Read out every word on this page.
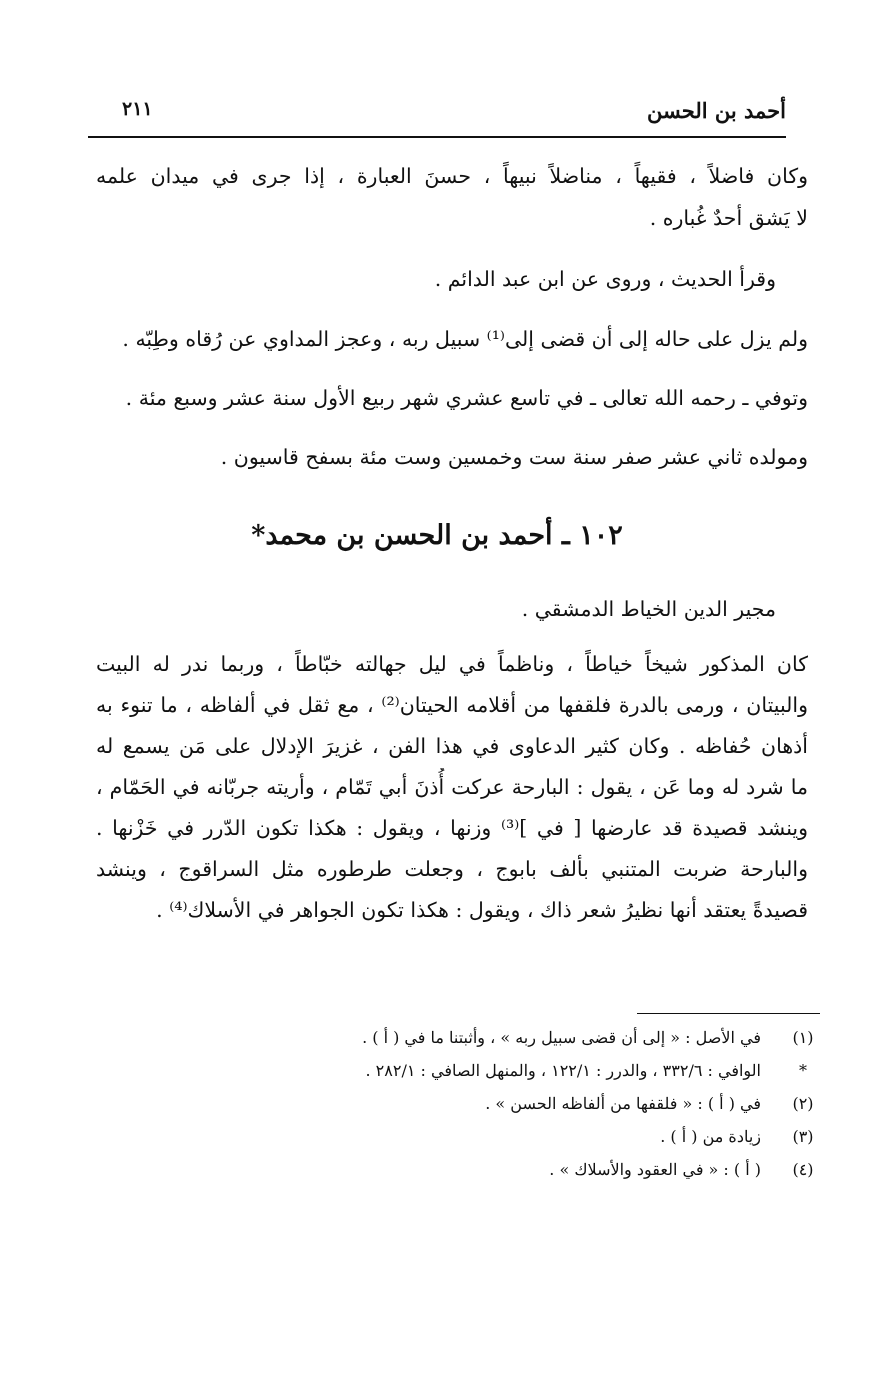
أحمد بن الحسن
٢١١
وكان فاضلاً ، فقيهاً ، مناضلاً نبيهاً ، حسنَ العبارة ، إذا جرى في ميدان علمه
لا يَشق أحدٌ غُباره .
وقرأ الحديث ، وروى عن ابن عبد الدائم .
ولم يزل على حاله إلى أن قضى إلى⁽¹⁾ سبيل ربه ، وعجز المداوي عن رُقاه وطِبّه .
وتوفي ـ رحمه الله تعالى ـ في تاسع عشري شهر ربيع الأول سنة عشر وسبع مئة .
ومولده ثاني عشر صفر سنة ست وخمسين وست مئة بسفح قاسيون .
١٠٢ ـ أحمد بن الحسن بن محمد*
مجير الدين الخياط الدمشقي .
كان المذكور شيخاً خياطاً ، وناظماً في ليل جهالته خبّاطاً ، وربما ندر له البيت
والبيتان ، ورمى بالدرة فلقفها من أقلامه الحيتان⁽²⁾ ، مع ثقل في ألفاظه ، ما تنوء به
أذهان حُفاظه . وكان كثير الدعاوى في هذا الفن ، غزيرَ الإدلال على مَن يسمع له
ما شرد له وما عَن ، يقول : البارحة عركت أُذنَ أبي تَمّام ، وأريته جربّانه في الحَمّام ،
وينشد قصيدة قد عارضها [ في ]⁽³⁾ وزنها ، ويقول : هكذا تكون الدّرر في خَزْنها .
والبارحة ضربت المتنبي بألف بابوج ، وجعلت طرطوره مثل السراقوج ، وينشد
قصيدةً يعتقد أنها نظيرُ شعر ذاك ، ويقول : هكذا تكون الجواهر في الأسلاك⁽⁴⁾ .
(١)
في الأصل : « إلى أن قضى سبيل ربه » ، وأثبتنا ما في ( أ ) .
*
الوافي : ٣٣٢/٦ ، والدرر : ١٢٢/١ ، والمنهل الصافي : ٢٨٢/١ .
(٢)
في ( أ ) : « فلقفها من ألفاظه الحسن » .
(٣)
زيادة من ( أ ) .
(٤)
( أ ) : « في العقود والأسلاك » .
